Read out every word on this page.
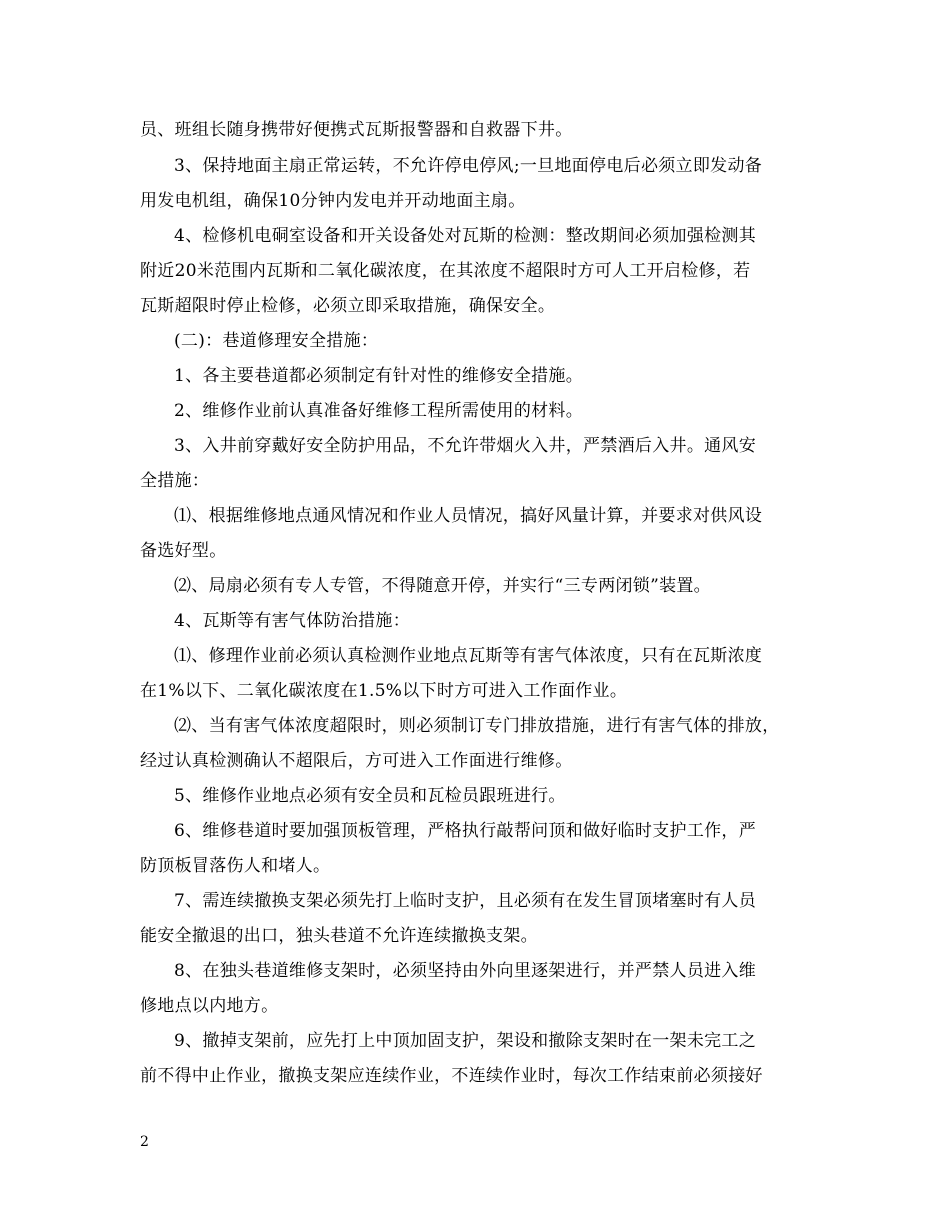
员、班组长随身携带好便携式瓦斯报警器和自救器下井。
3、保持地面主扇正常运转，不允许停电停风;一旦地面停电后必须立即发动备
用发电机组，确保10分钟内发电并开动地面主扇。
4、检修机电硐室设备和开关设备处对瓦斯的检测：整改期间必须加强检测其
附近20米范围内瓦斯和二氧化碳浓度，在其浓度不超限时方可人工开启检修，若
瓦斯超限时停止检修，必须立即采取措施，确保安全。
(二)：巷道修理安全措施：
1、各主要巷道都必须制定有针对性的维修安全措施。
2、维修作业前认真准备好维修工程所需使用的材料。
3、入井前穿戴好安全防护用品，不允许带烟火入井，严禁酒后入井。通风安
全措施：
⑴、根据维修地点通风情况和作业人员情况，搞好风量计算，并要求对供风设
备选好型。
⑵、局扇必须有专人专管，不得随意开停，并实行“三专两闭锁”装置。
4、瓦斯等有害气体防治措施：
⑴、修理作业前必须认真检测作业地点瓦斯等有害气体浓度，只有在瓦斯浓度
在1%以下、二氧化碳浓度在1.5%以下时方可进入工作面作业。
⑵、当有害气体浓度超限时，则必须制订专门排放措施，进行有害气体的排放，
经过认真检测确认不超限后，方可进入工作面进行维修。
5、维修作业地点必须有安全员和瓦检员跟班进行。
6、维修巷道时要加强顶板管理，严格执行敲帮问顶和做好临时支护工作，严
防顶板冒落伤人和堵人。
7、需连续撤换支架必须先打上临时支护，且必须有在发生冒顶堵塞时有人员
能安全撤退的出口，独头巷道不允许连续撤换支架。
8、在独头巷道维修支架时，必须坚持由外向里逐架进行，并严禁人员进入维
修地点以内地方。
9、撤掉支架前，应先打上中顶加固支护，架设和撤除支架时在一架未完工之
前不得中止作业，撤换支架应连续作业，不连续作业时，每次工作结束前必须接好
2
